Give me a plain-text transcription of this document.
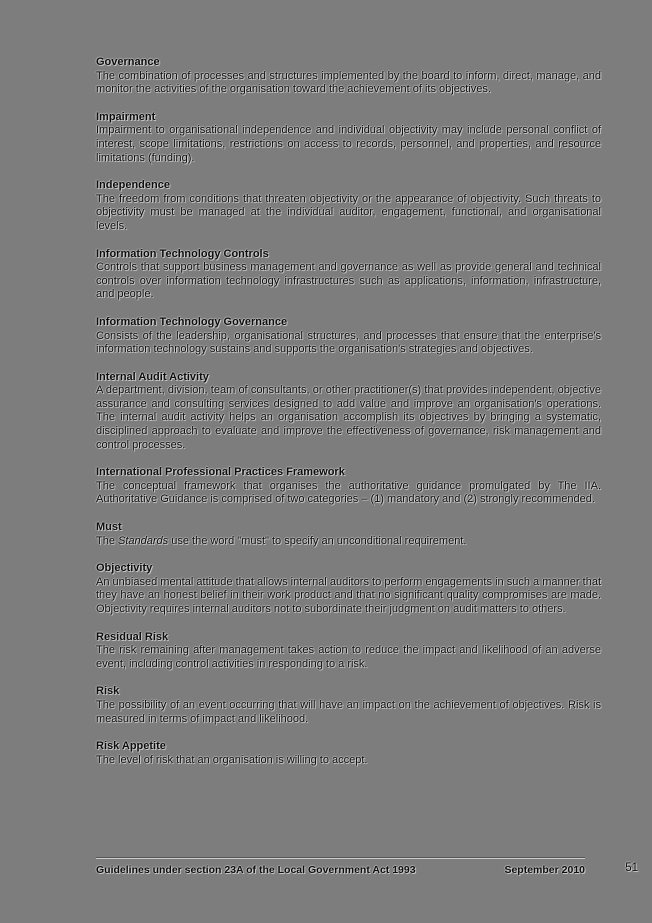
Governance

The combination of processes and structures implemented by the board to inform, direct, manage, and monitor the activities of the organisation toward the achievement of its objectives.

Impairment

Impairment to organisational independence and individual objectivity may include personal conflict of interest, scope limitations, restrictions on access to records, personnel, and properties, and resource limitations (funding).

Independence

The freedom from conditions that threaten objectivity or the appearance of objectivity. Such threats to objectivity must be managed at the individual auditor, engagement, functional, and organisational levels.

Information Technology Controls

Controls that support business management and governance as well as provide general and technical controls over information technology infrastructures such as applications, information, infrastructure, and people.

Information Technology Governance

Consists of the leadership, organisational structures, and processes that ensure that the enterprise's information technology sustains and supports the organisation's strategies and objectives.

Internal Audit Activity

A department, division, team of consultants, or other practitioner(s) that provides independent, objective assurance and consulting services designed to add value and improve an organisation's operations. The internal audit activity helps an organisation accomplish its objectives by bringing a systematic, disciplined approach to evaluate and improve the effectiveness of governance, risk management and control processes.

International Professional Practices Framework

The conceptual framework that organises the authoritative guidance promulgated by The IIA. Authoritative Guidance is comprised of two categories – (1) mandatory and (2) strongly recommended.

Must

The Standards use the word "must" to specify an unconditional requirement.

Objectivity

An unbiased mental attitude that allows internal auditors to perform engagements in such a manner that they have an honest belief in their work product and that no significant quality compromises are made. Objectivity requires internal auditors not to subordinate their judgment on audit matters to others.

Residual Risk

The risk remaining after management takes action to reduce the impact and likelihood of an adverse event, including control activities in responding to a risk.

Risk

The possibility of an event occurring that will have an impact on the achievement of objectives. Risk is measured in terms of impact and likelihood.

Risk Appetite

The level of risk that an organisation is willing to accept.

Guidelines under section 23A of the Local Government Act 1993	September 2010	51
